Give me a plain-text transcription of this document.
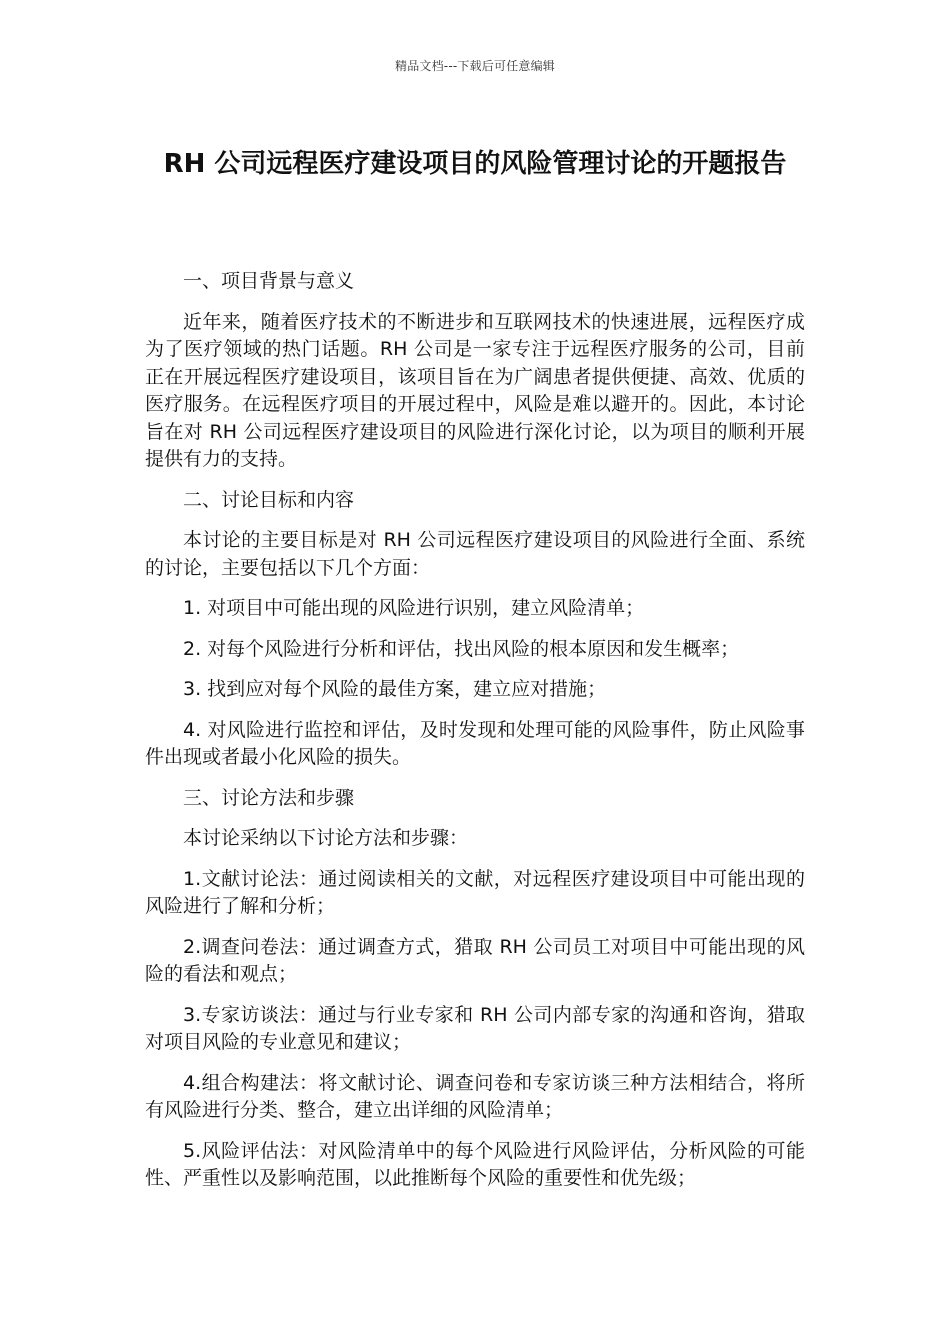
精品文档---下载后可任意编辑
RH 公司远程医疗建设项目的风险管理讨论的开题报告

一、项目背景与意义

近年来，随着医疗技术的不断进步和互联网技术的快速进展，远程医疗成为了医疗领域的热门话题。RH 公司是一家专注于远程医疗服务的公司，目前正在开展远程医疗建设项目，该项目旨在为广阔患者提供便捷、高效、优质的医疗服务。在远程医疗项目的开展过程中，风险是难以避开的。因此，本讨论旨在对 RH 公司远程医疗建设项目的风险进行深化讨论，以为项目的顺利开展提供有力的支持。

二、讨论目标和内容

本讨论的主要目标是对 RH 公司远程医疗建设项目的风险进行全面、系统的讨论，主要包括以下几个方面：

1. 对项目中可能出现的风险进行识别，建立风险清单；

2. 对每个风险进行分析和评估，找出风险的根本原因和发生概率；

3. 找到应对每个风险的最佳方案，建立应对措施；

4. 对风险进行监控和评估，及时发现和处理可能的风险事件，防止风险事件出现或者最小化风险的损失。

三、讨论方法和步骤

本讨论采纳以下讨论方法和步骤：

1.文献讨论法：通过阅读相关的文献，对远程医疗建设项目中可能出现的风险进行了解和分析；

2.调查问卷法：通过调查方式，猎取 RH 公司员工对项目中可能出现的风险的看法和观点；

3.专家访谈法：通过与行业专家和 RH 公司内部专家的沟通和咨询，猎取对项目风险的专业意见和建议；

4.组合构建法：将文献讨论、调查问卷和专家访谈三种方法相结合，将所有风险进行分类、整合，建立出详细的风险清单；

5.风险评估法：对风险清单中的每个风险进行风险评估，分析风险的可能性、严重性以及影响范围，以此推断每个风险的重要性和优先级；
